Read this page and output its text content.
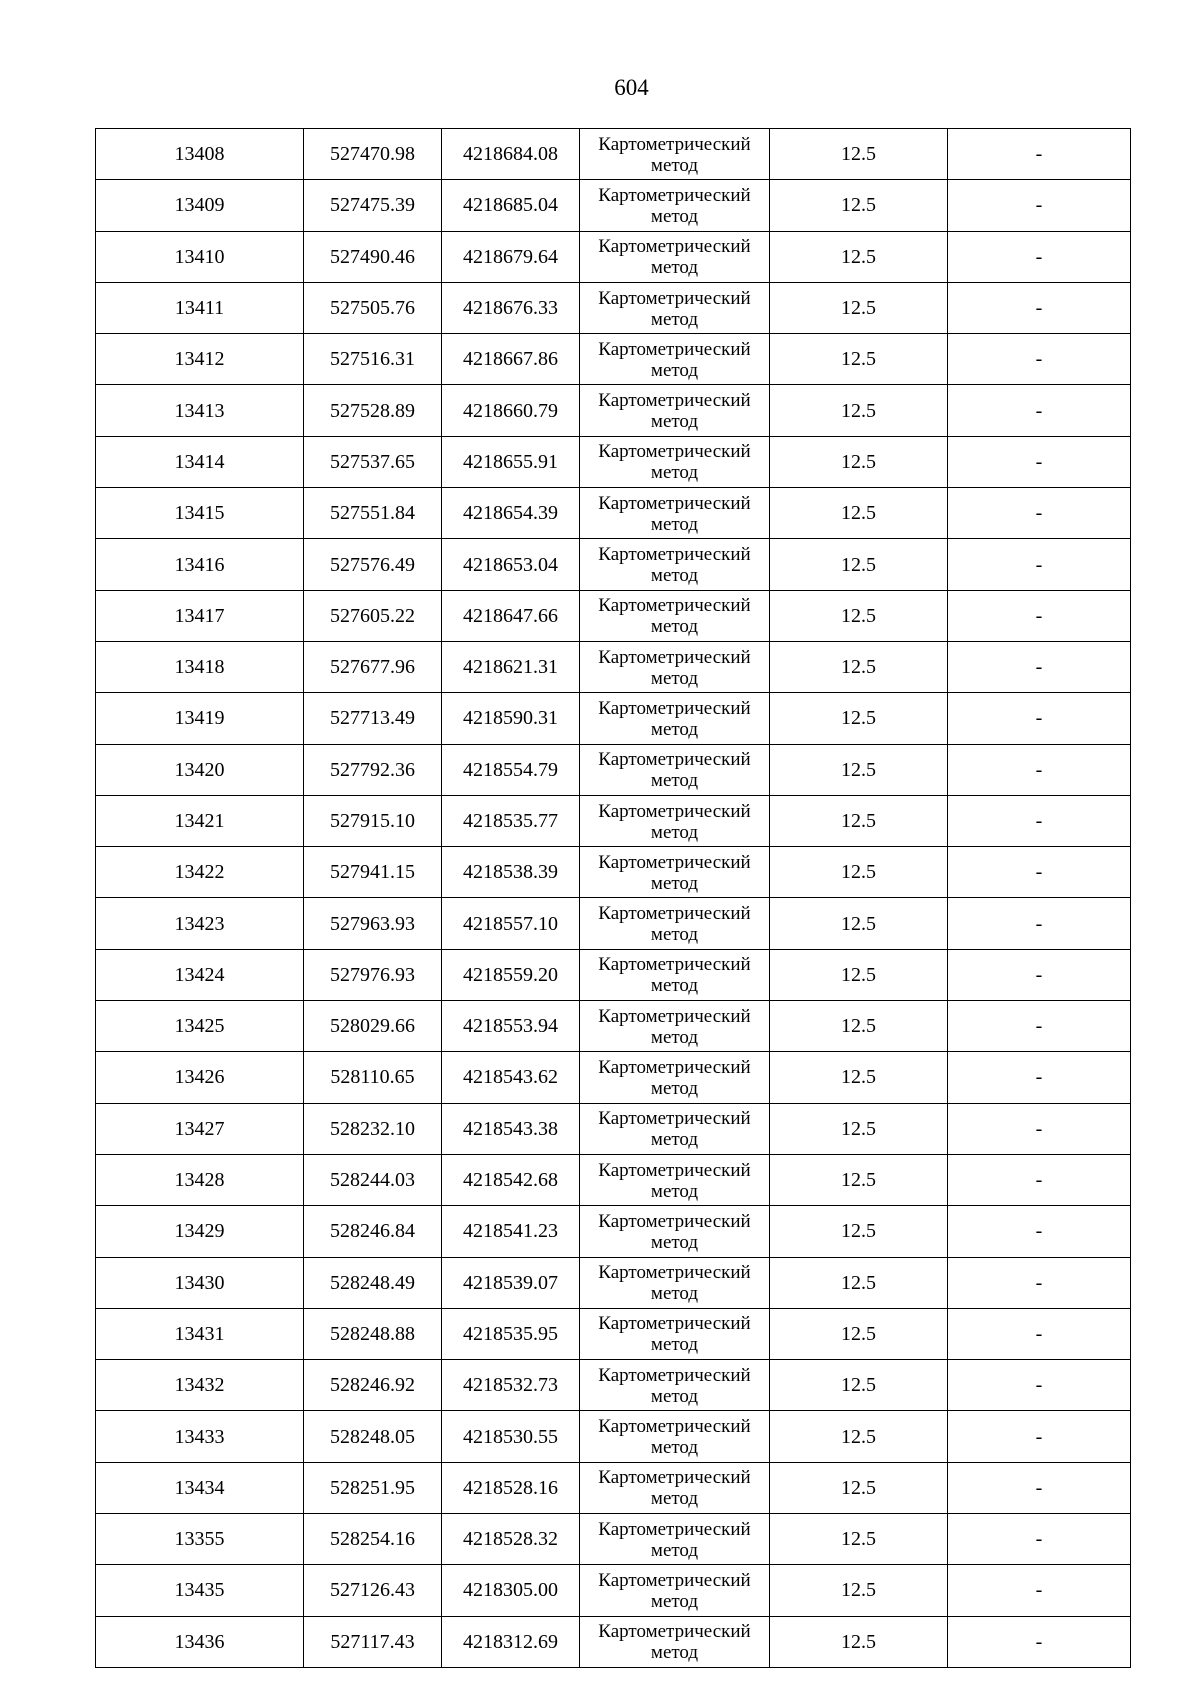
604
13408	527470.98	4218684.08	Картометрический метод	12.5	-
13409	527475.39	4218685.04	Картометрический метод	12.5	-
13410	527490.46	4218679.64	Картометрический метод	12.5	-
13411	527505.76	4218676.33	Картометрический метод	12.5	-
13412	527516.31	4218667.86	Картометрический метод	12.5	-
13413	527528.89	4218660.79	Картометрический метод	12.5	-
13414	527537.65	4218655.91	Картометрический метод	12.5	-
13415	527551.84	4218654.39	Картометрический метод	12.5	-
13416	527576.49	4218653.04	Картометрический метод	12.5	-
13417	527605.22	4218647.66	Картометрический метод	12.5	-
13418	527677.96	4218621.31	Картометрический метод	12.5	-
13419	527713.49	4218590.31	Картометрический метод	12.5	-
13420	527792.36	4218554.79	Картометрический метод	12.5	-
13421	527915.10	4218535.77	Картометрический метод	12.5	-
13422	527941.15	4218538.39	Картометрический метод	12.5	-
13423	527963.93	4218557.10	Картометрический метод	12.5	-
13424	527976.93	4218559.20	Картометрический метод	12.5	-
13425	528029.66	4218553.94	Картометрический метод	12.5	-
13426	528110.65	4218543.62	Картометрический метод	12.5	-
13427	528232.10	4218543.38	Картометрический метод	12.5	-
13428	528244.03	4218542.68	Картометрический метод	12.5	-
13429	528246.84	4218541.23	Картометрический метод	12.5	-
13430	528248.49	4218539.07	Картометрический метод	12.5	-
13431	528248.88	4218535.95	Картометрический метод	12.5	-
13432	528246.92	4218532.73	Картометрический метод	12.5	-
13433	528248.05	4218530.55	Картометрический метод	12.5	-
13434	528251.95	4218528.16	Картометрический метод	12.5	-
13355	528254.16	4218528.32	Картометрический метод	12.5	-
13435	527126.43	4218305.00	Картометрический метод	12.5	-
13436	527117.43	4218312.69	Картометрический метод	12.5	-
